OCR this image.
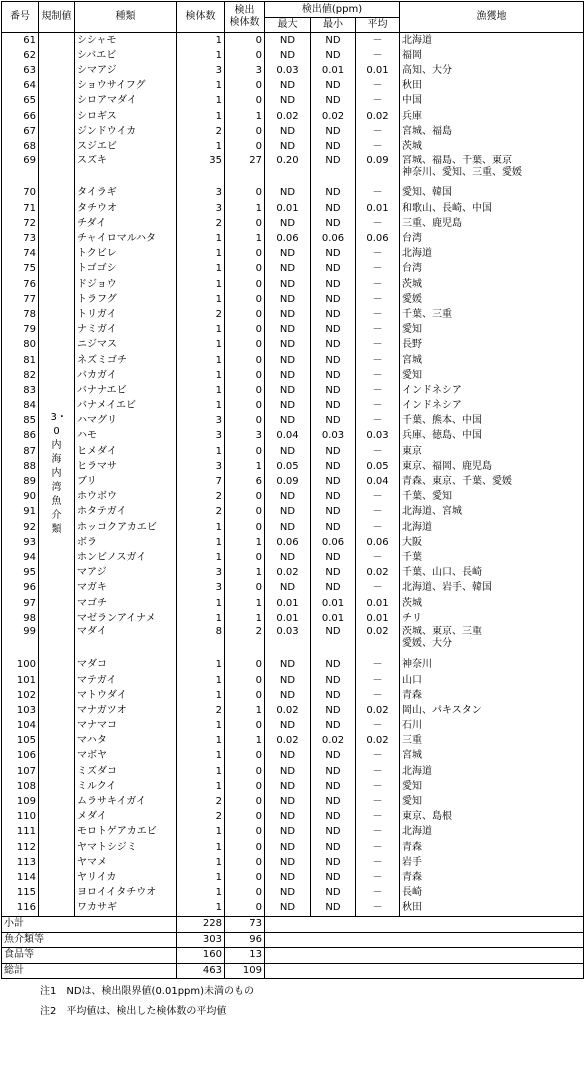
番号	規制値	種類	検体数	検出
検体数	検出値(ppm)			漁獲地
					最大	最小	平均	
61	3・0内海内湾魚介類	シシャモ	1	0	ND	ND	－	北海道

62		シバエビ	1	0	ND	ND	－	福岡

63		シマアジ	3	3	0.03	0.01	0.01	高知、大分

64		ショウサイフグ	1	0	ND	ND	－	秋田

65		シロアマダイ	1	0	ND	ND	－	中国

66		シロギス	1	1	0.02	0.02	0.02	兵庫

67		ジンドウイカ	2	0	ND	ND	－	宮城、福島

68		スジエビ	1	0	ND	ND	－	茨城

69		スズキ	35	27	0.20	ND	0.09	宮城、福島、千葉、東京
神奈川、愛知、三重、愛媛

70		タイラギ	3	0	ND	ND	－	愛知、韓国

71		タチウオ	3	1	0.01	ND	0.01	和歌山、長崎、中国

72		チダイ	2	0	ND	ND	－	三重、鹿児島

73		チャイロマルハタ	1	1	0.06	0.06	0.06	台湾

74		トクビレ	1	0	ND	ND	－	北海道

75		トゴゴシ	1	0	ND	ND	－	台湾

76		ドジョウ	1	0	ND	ND	－	茨城

77		トラフグ	1	0	ND	ND	－	愛媛

78		トリガイ	2	0	ND	ND	－	千葉、三重

79		ナミガイ	1	0	ND	ND	－	愛知

80		ニジマス	1	0	ND	ND	－	長野

81		ネズミゴチ	1	0	ND	ND	－	宮城

82		バカガイ	1	0	ND	ND	－	愛知

83		バナナエビ	1	0	ND	ND	－	インドネシア

84		バナメイエビ	1	0	ND	ND	－	インドネシア

85		ハマグリ	3	0	ND	ND	－	千葉、熊本、中国

86		ハモ	3	3	0.04	0.03	0.03	兵庫、徳島、中国

87		ヒメダイ	1	0	ND	ND	－	東京

88		ヒラマサ	3	1	0.05	ND	0.05	東京、福岡、鹿児島

89		ブリ	7	6	0.09	ND	0.04	青森、東京、千葉、愛媛

90		ホウボウ	2	0	ND	ND	－	千葉、愛知

91		ホタテガイ	2	0	ND	ND	－	北海道、宮城

92		ホッコクアカエビ	1	0	ND	ND	－	北海道

93		ボラ	1	1	0.06	0.06	0.06	大阪

94		ホンビノスガイ	1	0	ND	ND	－	千葉

95		マアジ	3	1	0.02	ND	0.02	千葉、山口、長崎

96		マガキ	3	0	ND	ND	－	北海道、岩手、韓国

97		マゴチ	1	1	0.01	0.01	0.01	茨城

98		マゼランアイナメ	1	1	0.01	0.01	0.01	チリ

99		マダイ	8	2	0.03	ND	0.02	茨城、東京、三重
愛媛、大分

100		マダコ	1	0	ND	ND	－	神奈川

101		マテガイ	1	0	ND	ND	－	山口

102		マトウダイ	1	0	ND	ND	－	青森

103		マナガツオ	2	1	0.02	ND	0.02	岡山、パキスタン

104		マナマコ	1	0	ND	ND	－	石川

105		マハタ	1	1	0.02	0.02	0.02	三重

106		マボヤ	1	0	ND	ND	－	宮城

107		ミズダコ	1	0	ND	ND	－	北海道

108		ミルクイ	1	0	ND	ND	－	愛知

109		ムラサキイガイ	2	0	ND	ND	－	愛知

110		メダイ	2	0	ND	ND	－	東京、島根

111		モロトゲアカエビ	1	0	ND	ND	－	北海道

112		ヤマトシジミ	1	0	ND	ND	－	青森

113		ヤマメ	1	0	ND	ND	－	岩手

114		ヤリイカ	1	0	ND	ND	－	青森

115		ヨロイイタチウオ	1	0	ND	ND	－	長崎

116		ワカサギ	1	0	ND	ND	－	秋田

小計			228	73				
魚介類等			303	96				
食品等			160	13				
総計			463	109				
注1　NDは、検出限界値(0.01ppm)未満のもの
注2　平均値は、検出した検体数の平均値
